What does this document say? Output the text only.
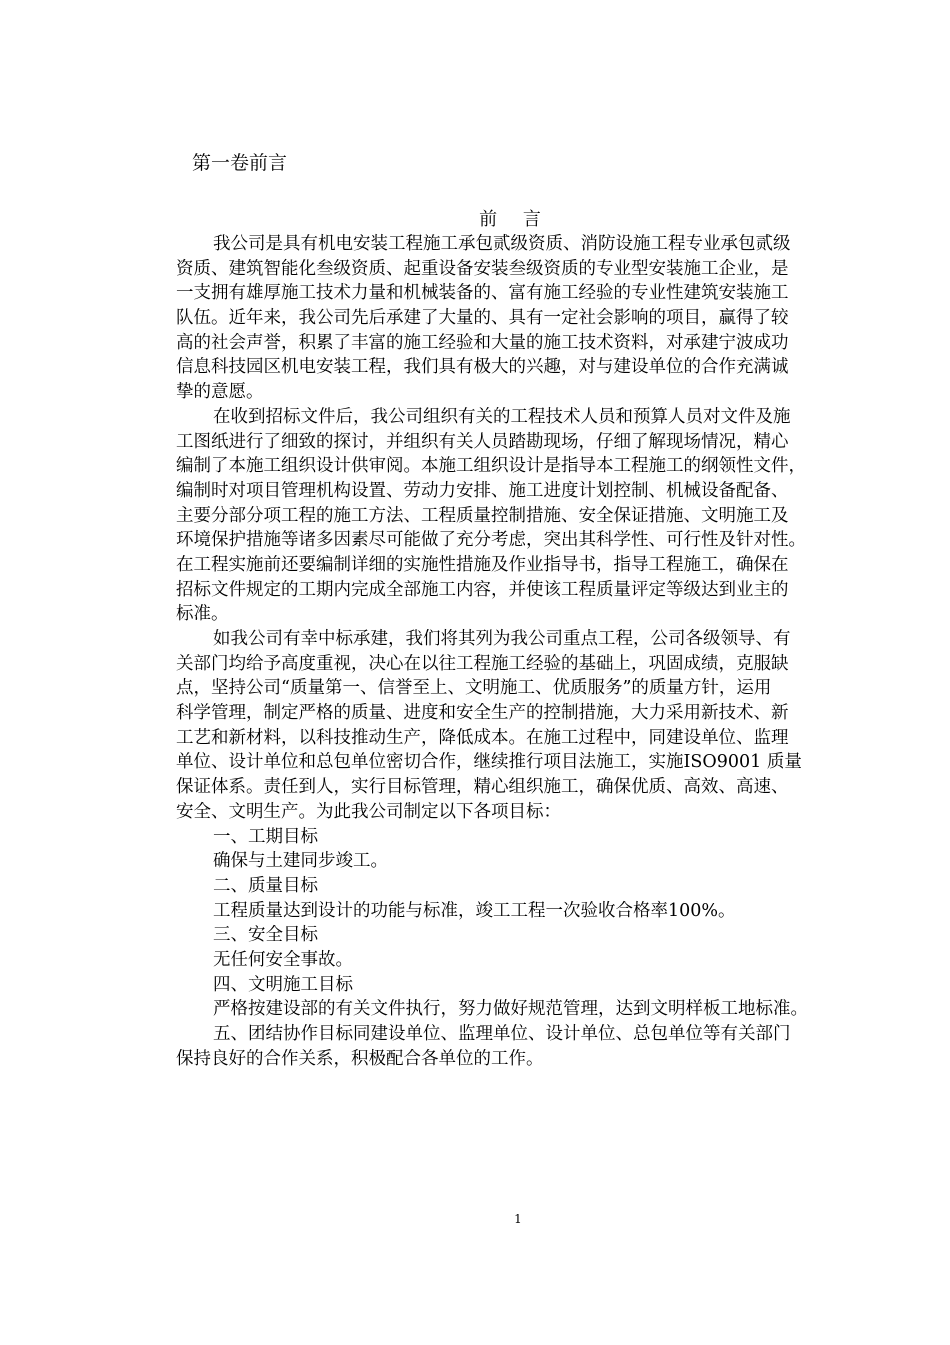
第一卷前言
前 言
我公司是具有机电安装工程施工承包贰级资质、消防设施工程专业承包贰级
资质、建筑智能化叁级资质、起重设备安装叁级资质的专业型安装施工企业，是
一支拥有雄厚施工技术力量和机械装备的、富有施工经验的专业性建筑安装施工
队伍。近年来，我公司先后承建了大量的、具有一定社会影响的项目，赢得了较
高的社会声誉，积累了丰富的施工经验和大量的施工技术资料，对承建宁波成功
信息科技园区机电安装工程，我们具有极大的兴趣，对与建设单位的合作充满诚
挚的意愿。
在收到招标文件后，我公司组织有关的工程技术人员和预算人员对文件及施
工图纸进行了细致的探讨，并组织有关人员踏勘现场，仔细了解现场情况，精心
编制了本施工组织设计供审阅。本施工组织设计是指导本工程施工的纲领性文件，
编制时对项目管理机构设置、劳动力安排、施工进度计划控制、机械设备配备、
主要分部分项工程的施工方法、工程质量控制措施、安全保证措施、文明施工及
环境保护措施等诸多因素尽可能做了充分考虑，突出其科学性、可行性及针对性。
在工程实施前还要编制详细的实施性措施及作业指导书，指导工程施工，确保在
招标文件规定的工期内完成全部施工内容，并使该工程质量评定等级达到业主的
标准。
如我公司有幸中标承建，我们将其列为我公司重点工程，公司各级领导、有
关部门均给予高度重视，决心在以往工程施工经验的基础上，巩固成绩，克服缺
点，坚持公司“质量第一、信誉至上、文明施工、优质服务”的质量方针，运用
科学管理，制定严格的质量、进度和安全生产的控制措施，大力采用新技术、新
工艺和新材料，以科技推动生产，降低成本。在施工过程中，同建设单位、监理
单位、设计单位和总包单位密切合作，继续推行项目法施工，实施ISO9001 质量
保证体系。责任到人，实行目标管理，精心组织施工，确保优质、高效、高速、
安全、文明生产。为此我公司制定以下各项目标：
一、工期目标
确保与土建同步竣工。
二、质量目标
工程质量达到设计的功能与标准，竣工工程一次验收合格率100%。
三、安全目标
无任何安全事故。
四、文明施工目标
严格按建设部的有关文件执行，努力做好规范管理，达到文明样板工地标准。
五、团结协作目标同建设单位、监理单位、设计单位、总包单位等有关部门
保持良好的合作关系，积极配合各单位的工作。
1
